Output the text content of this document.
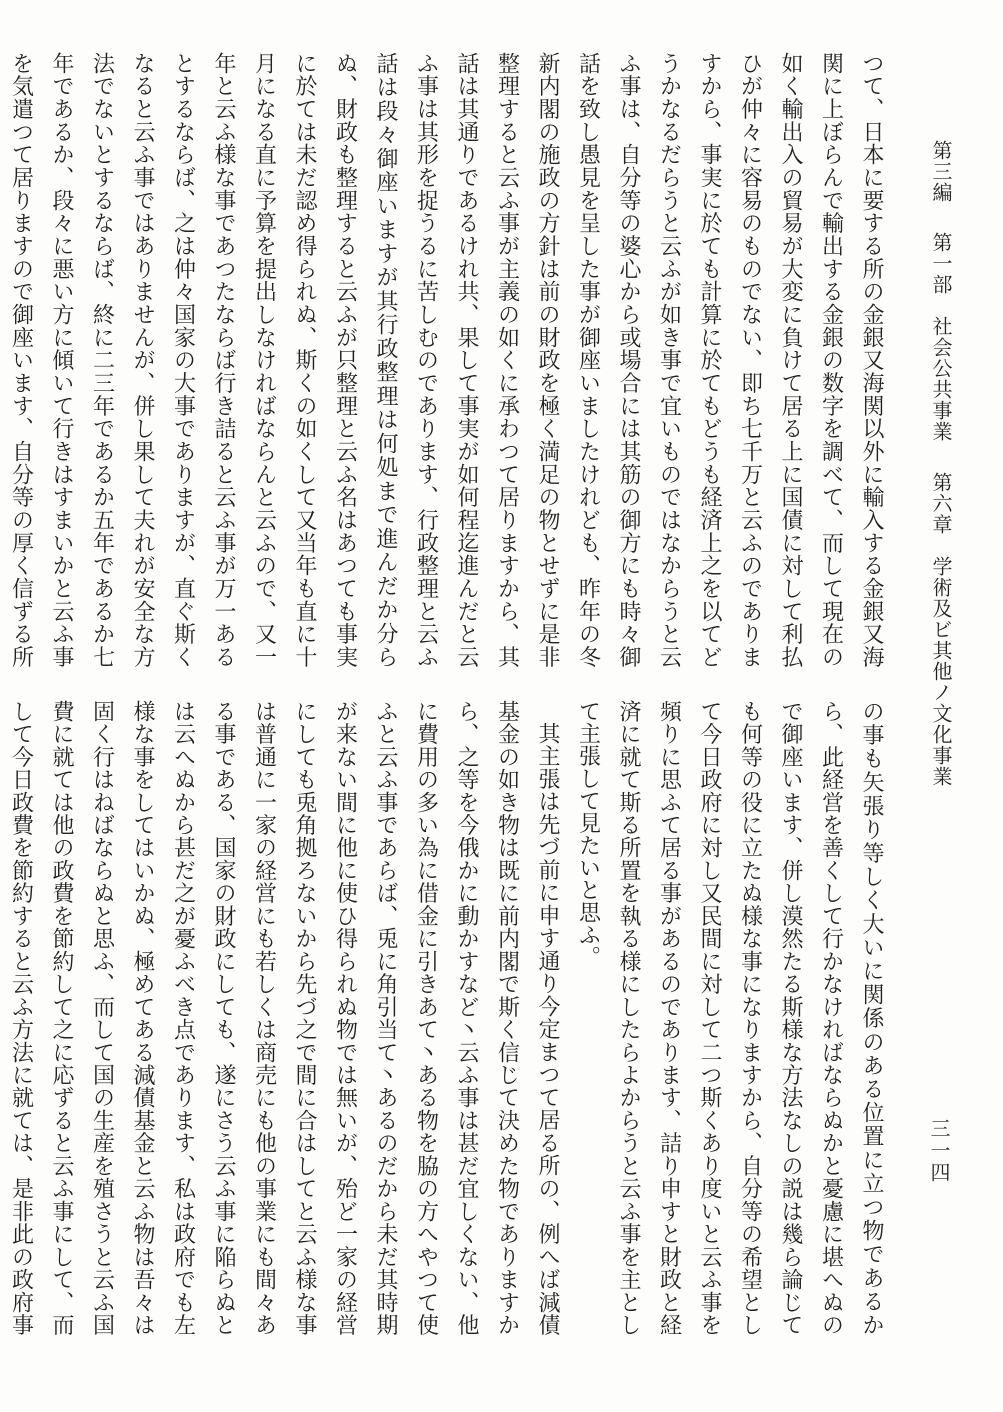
第三編 第一部　社会公共事業 第六章　学術及ビ其他ノ文化事業
三一四

つて、日本に要する所の金銀又海関以外に輸入する金銀又海関に上ぼらんで輸出する金銀の数字を調べて、而して現在の如く輸出入の貿易が大変に負けて居る上に国債に対して利払ひが仲々に容易のものでない、即ち七千万と云ふのでありますから、事実に於ても計算に於てもどうも経済上之を以てどうかなるだらうと云ふが如き事で宜いものではなからうと云ふ事は、自分等の婆心から或場合には其筋の御方にも時々御話を致し愚見を呈した事が御座いましたけれども、昨年の冬新内閣の施政の方針は前の財政を極く満足の物とせずに是非整理すると云ふ事が主義の如くに承わつて居りますから、其話は其通りであるけれ共、果して事実が如何程迄進んだと云ふ事は其形を捉うるに苦しむのであります、行政整理と云ふ話は段々御座いますが其行政整理は何処まで進んだか分らぬ、財政も整理すると云ふが只整理と云ふ名はあつても事実に於ては未だ認め得られぬ、斯くの如くして又当年も直に十月になる直に予算を提出しなければならんと云ふので、又一年と云ふ様な事であつたならば行き詰ると云ふ事が万一あるとするならば、之は仲々国家の大事でありますが、直ぐ斯くなると云ふ事ではありませんが、併し果して夫れが安全な方法でないとするならば、終に二三年であるか五年であるか七年であるか、段々に悪い方に傾いて行きはすまいかと云ふ事を気遣つて居りますので御座います、自分等の厚く信ずる所

の事も矢張り等しく大いに関係のある位置に立つ物であるから、此経営を善くして行かなければならぬかと憂慮に堪へぬので御座います、併し漠然たる斯様な方法なしの説は幾ら論じても何等の役に立たぬ様な事になりますから、自分等の希望として今日政府に対し又民間に対して二つ斯くあり度いと云ふ事を頻りに思ふて居る事があるのであります、詰り申すと財政と経済に就て斯る所置を執る様にしたらよからうと云ふ事を主として主張して見たいと思ふ。

其主張は先づ前に申す通り今定まつて居る所の、例へば減債基金の如き物は既に前内閣で斯く信じて決めた物でありますから、之等を今俄かに動かすなど丶云ふ事は甚だ宜しくない、他に費用の多い為に借金に引きあて丶ある物を脇の方へやつて使ふと云ふ事であらば、兎に角引当て丶あるのだから未だ其時期が来ない間に他に使ひ得られぬ物では無いが、殆ど一家の経営にしても兎角拠ろないから先づ之で間に合はしてと云ふ様な事は普通に一家の経営にも若しくは商売にも他の事業にも間々ある事である、国家の財政にしても、遂にさう云ふ事に陥らぬとは云へぬから甚だ之が憂ふべき点であります、私は政府でも左様な事をしてはいかぬ、極めてある減債基金と云ふ物は吾々は固く行はねばならぬと思ふ、而して国の生産を殖さうと云ふ国費に就ては他の政費を節約して之に応ずると云ふ事にして、而して今日政費を節約すると云ふ方法に就ては、是非此の政府事
